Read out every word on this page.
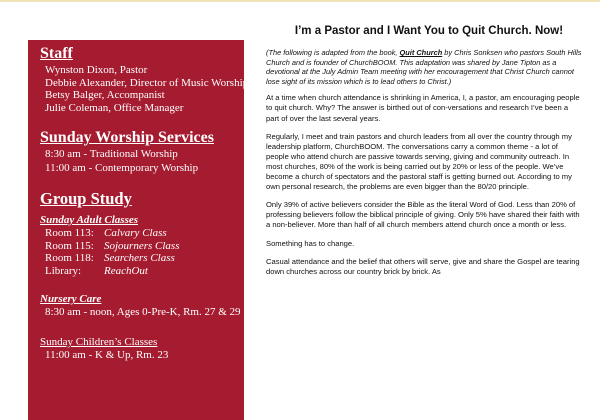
Staff
Wynston Dixon, Pastor
Debbie Alexander, Director of Music Worship
Betsy Balger, Accompanist
Julie Coleman, Office Manager
Sunday Worship Services
8:30 am - Traditional Worship
11:00 am - Contemporary Worship
Group Study
Sunday Adult Classes
Room 113: Calvary Class
Room 115: Sojourners Class
Room 118: Searchers Class
Library:	ReachOut
Nursery Care
8:30 am - noon, Ages 0-Pre-K, Rm. 27 & 29
Sunday Children’s Classes
11:00 am - K & Up, Rm. 23
I’m a Pastor and I Want You to Quit Church. Now!

(The following is adapted from the book, Quit Church by Chris Sonksen who pastors South Hills Church and is founder of ChurchBOOM. This adaptation was shared by Jane Tipton as a devotional at the July Admin Team meeting with her encouragement that Christ Church cannot lose sight of its mission which is to lead others to Christ.)

At a time when church attendance is shrinking in America, I, a pastor, am encouraging people to quit church. Why? The answer is birthed out of con-versations and research I’ve been a part of over the last several years.

Regularly, I meet and train pastors and church leaders from all over the country through my leadership platform, ChurchBOOM. The conversations carry a common theme - a lot of people who attend church are passive towards serving, giving and community outreach. In most churches, 80% of the work is being carried out by 20% or less of the people. We’ve become a church of spectators and the pastoral staff is getting burned out. According to my own personal research, the problems are even bigger than the 80/20 principle.

Only 39% of active believers consider the Bible as the literal Word of God. Less than 20% of professing believers follow the biblical principle of giving. Only 5% have shared their faith with a non-believer. More than half of all church members attend church once a month or less.

Something has to change.

Casual attendance and the belief that others will serve, give and share the Gospel are tearing down churches across our country brick by brick. As
